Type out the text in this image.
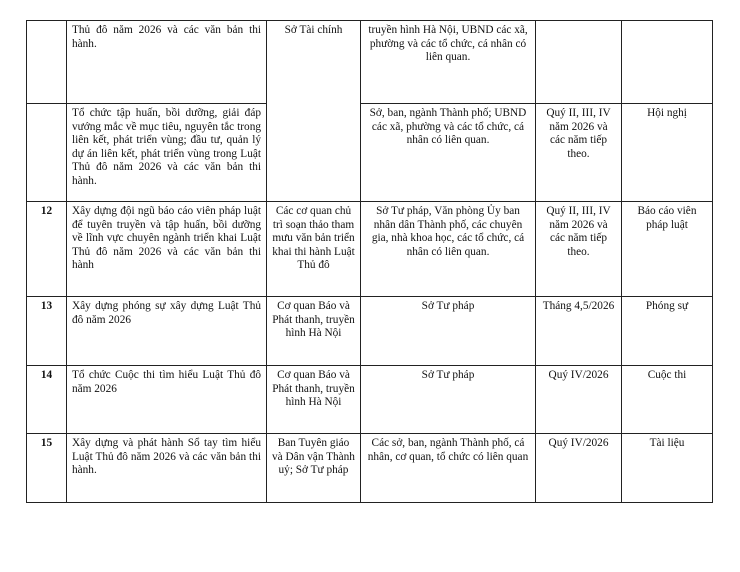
	Thủ đô năm 2026 và các văn bản thi hành.	Sở Tài chính	truyền hình Hà Nội, UBND các xã, phường và các tổ chức, cá nhân có liên quan.		
	Tổ chức tập huấn, bồi dưỡng, giải đáp vướng mắc về mục tiêu, nguyên tắc trong liên kết, phát triển vùng; đầu tư, quản lý dự án liên kết, phát triển vùng trong Luật Thủ đô năm 2026 và các văn bản thi hành.		Sở, ban, ngành Thành phố; UBND các xã, phường và các tổ chức, cá nhân có liên quan.	Quý II, III, IV năm 2026 và các năm tiếp theo.	Hội nghị
12	Xây dựng đội ngũ báo cáo viên pháp luật để tuyên truyền và tập huấn, bồi dưỡng về lĩnh vực chuyên ngành triển khai Luật Thủ đô năm 2026 và các văn bản thi hành	Các cơ quan chủ trì soạn thảo tham mưu văn bản triển khai thi hành Luật Thủ đô	Sở Tư pháp, Văn phòng Ủy ban nhân dân Thành phố, các chuyên gia, nhà khoa học, các tổ chức, cá nhân có liên quan.	Quý II, III, IV năm 2026 và các năm tiếp theo.	Báo cáo viên pháp luật
13	Xây dựng phóng sự xây dựng Luật Thủ đô năm 2026	Cơ quan Báo và Phát thanh, truyền hình Hà Nội	Sở Tư pháp	Tháng 4,5/2026	Phóng sự
14	Tổ chức Cuộc thi tìm hiểu Luật Thủ đô năm 2026	Cơ quan Báo và Phát thanh, truyền hình Hà Nội	Sở Tư pháp	Quý IV/2026	Cuộc thi
15	Xây dựng và phát hành Sổ tay tìm hiểu Luật Thủ đô năm 2026 và các văn bản thi hành.	Ban Tuyên giáo và Dân vận Thành uỷ; Sở Tư pháp	Các sở, ban, ngành Thành phố, cá nhân, cơ quan, tổ chức có liên quan	Quý IV/2026	Tài liệu
